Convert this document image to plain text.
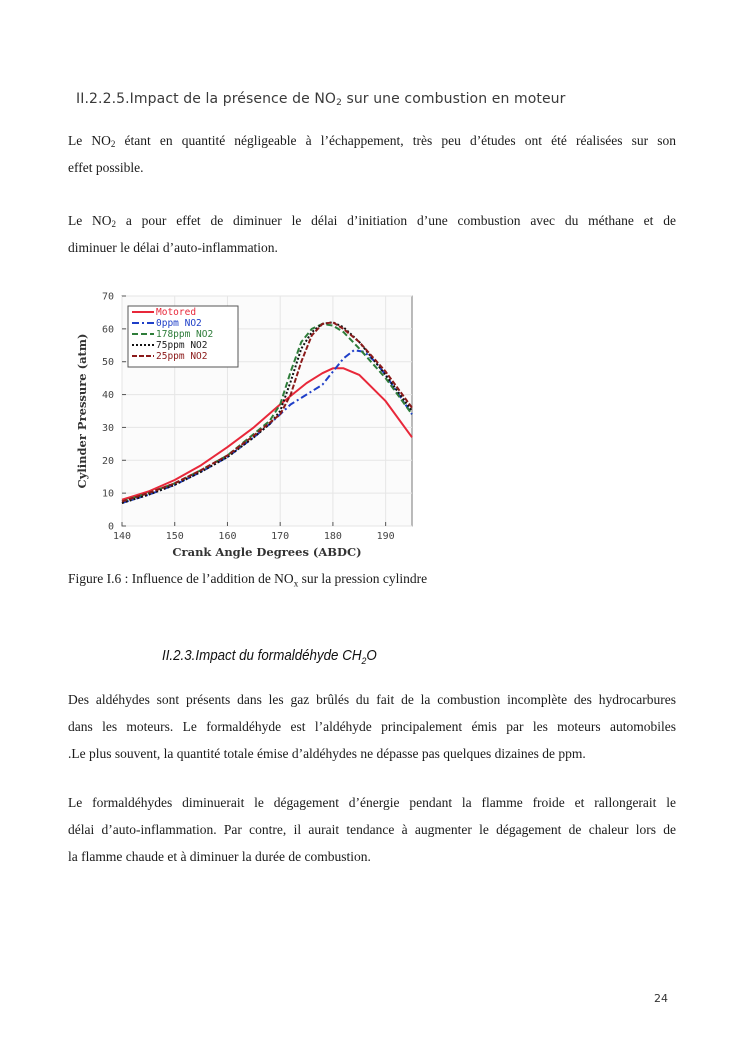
II.2.2.5.Impact de la présence de $NO_2$ sur une combustion en moteur
Le $NO_2$ étant en quantité négligeable à l’échappement, très peu d’études ont été réalisées sur son
effet possible.
Le $NO_2$ a pour effet de diminuer le délai d’initiation d’une combustion avec du méthane et de
diminuer le délai d’auto-inflammation.
0
10
20
30
40
50
60
70
140	150	160	170	180	190
Motored
0ppm NO2
178ppm NO2
75ppm NO2
25ppm NO2
Crank Angle Degrees (ABDC)
Cylinder Pressure (atm)
Figure I.6 : Influence de l’addition de $NO_x$ sur la pression cylindre
II.2.3.Impact du formaldéhyde $CH_2O$
Des aldéhydes sont présents dans les gaz brûlés du fait de la combustion incomplète des hydrocarbures
dans les moteurs. Le formaldéhyde est l’aldéhyde principalement émis par les moteurs automobiles
.Le plus souvent, la quantité totale émise d’aldéhydes ne dépasse pas quelques dizaines de ppm.
Le formaldéhydes diminuerait le dégagement d’énergie pendant la flamme froide et rallongerait le
délai d’auto-inflammation. Par contre, il aurait tendance à augmenter le dégagement de chaleur lors de
la flamme chaude et à diminuer la durée de combustion.
24
